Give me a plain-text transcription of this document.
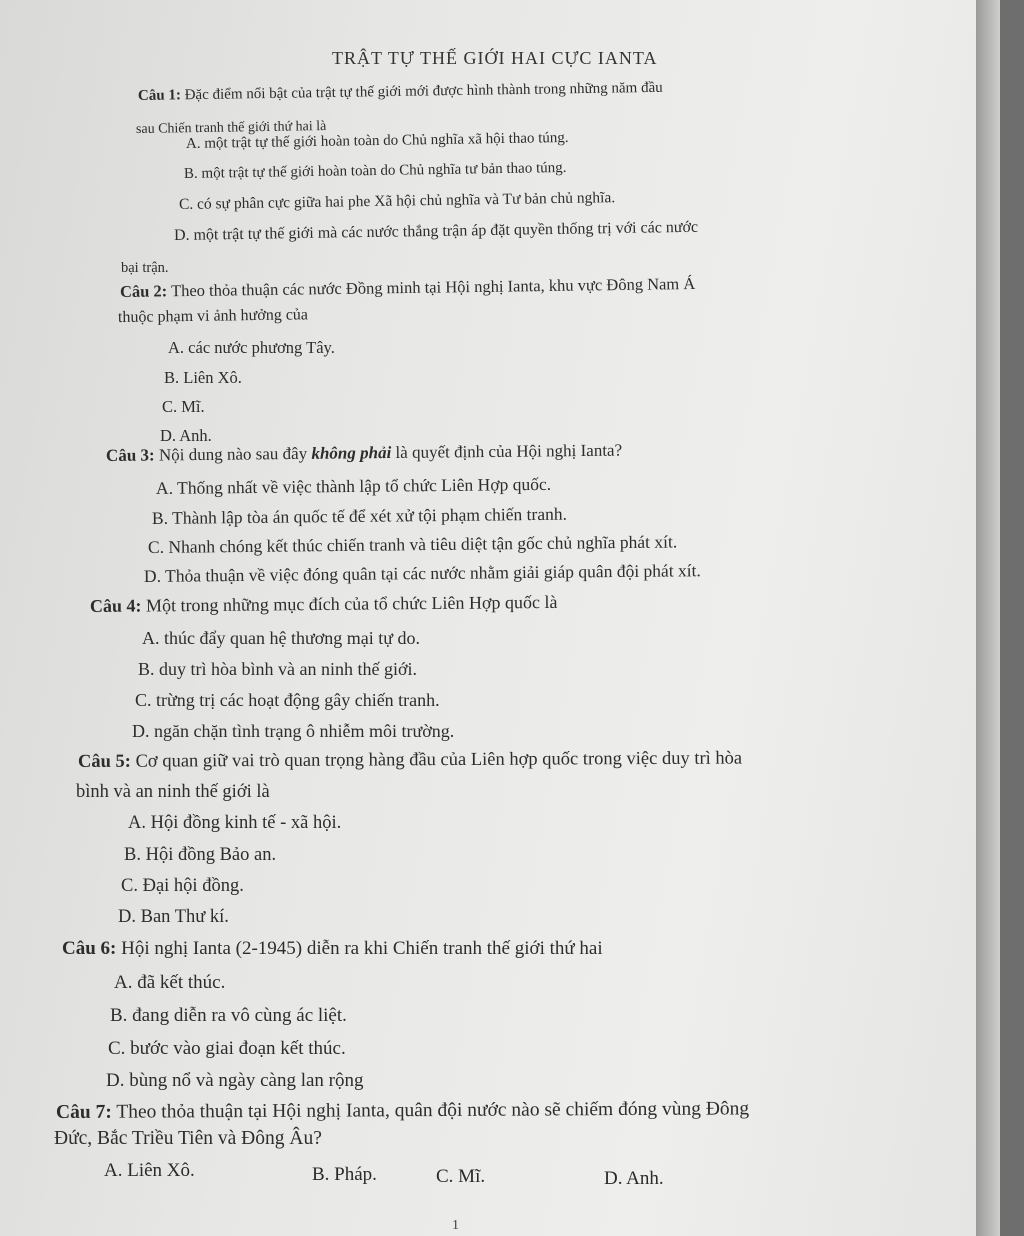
TRẬT TỰ THẾ GIỚI HAI CỰC IANTA
Câu 1: Đặc điểm nổi bật của trật tự thế giới mới được hình thành trong những năm đầu
sau Chiến tranh thế giới thứ hai là
A. một trật tự thế giới hoàn toàn do Chủ nghĩa xã hội thao túng.
B. một trật tự thế giới hoàn toàn do Chủ nghĩa tư bản thao túng.
C. có sự phân cực giữa hai phe Xã hội chủ nghĩa và Tư bản chủ nghĩa.
D. một trật tự thế giới mà các nước thắng trận áp đặt quyền thống trị với các nước
bại trận.
Câu 2: Theo thỏa thuận các nước Đồng minh tại Hội nghị Ianta, khu vực Đông Nam Á
thuộc phạm vi ảnh hưởng của
A. các nước phương Tây.
B. Liên Xô.
C. Mĩ.
D. Anh.
Câu 3: Nội dung nào sau đây không phải là quyết định của Hội nghị Ianta?
A. Thống nhất về việc thành lập tổ chức Liên Hợp quốc.
B. Thành lập tòa án quốc tế để xét xử tội phạm chiến tranh.
C. Nhanh chóng kết thúc chiến tranh và tiêu diệt tận gốc chủ nghĩa phát xít.
D. Thỏa thuận về việc đóng quân tại các nước nhằm giải giáp quân đội phát xít.
Câu 4: Một trong những mục đích của tổ chức Liên Hợp quốc là
A. thúc đẩy quan hệ thương mại tự do.
B. duy trì hòa bình và an ninh thế giới.
C. trừng trị các hoạt động gây chiến tranh.
D. ngăn chặn tình trạng ô nhiễm môi trường.
Câu 5: Cơ quan giữ vai trò quan trọng hàng đầu của Liên hợp quốc trong việc duy trì hòa
bình và an ninh thế giới là
A. Hội đồng kinh tế - xã hội.
B. Hội đồng Bảo an.
C. Đại hội đồng.
D. Ban Thư kí.
Câu 6: Hội nghị Ianta (2-1945) diễn ra khi Chiến tranh thế giới thứ hai
A. đã kết thúc.
B. đang diễn ra vô cùng ác liệt.
C. bước vào giai đoạn kết thúc.
D. bùng nổ và ngày càng lan rộng
Câu 7: Theo thỏa thuận tại Hội nghị Ianta, quân đội nước nào sẽ chiếm đóng vùng Đông
Đức, Bắc Triều Tiên và Đông Âu?
A. Liên Xô.	B. Pháp.	C. Mĩ.	D. Anh.
1
